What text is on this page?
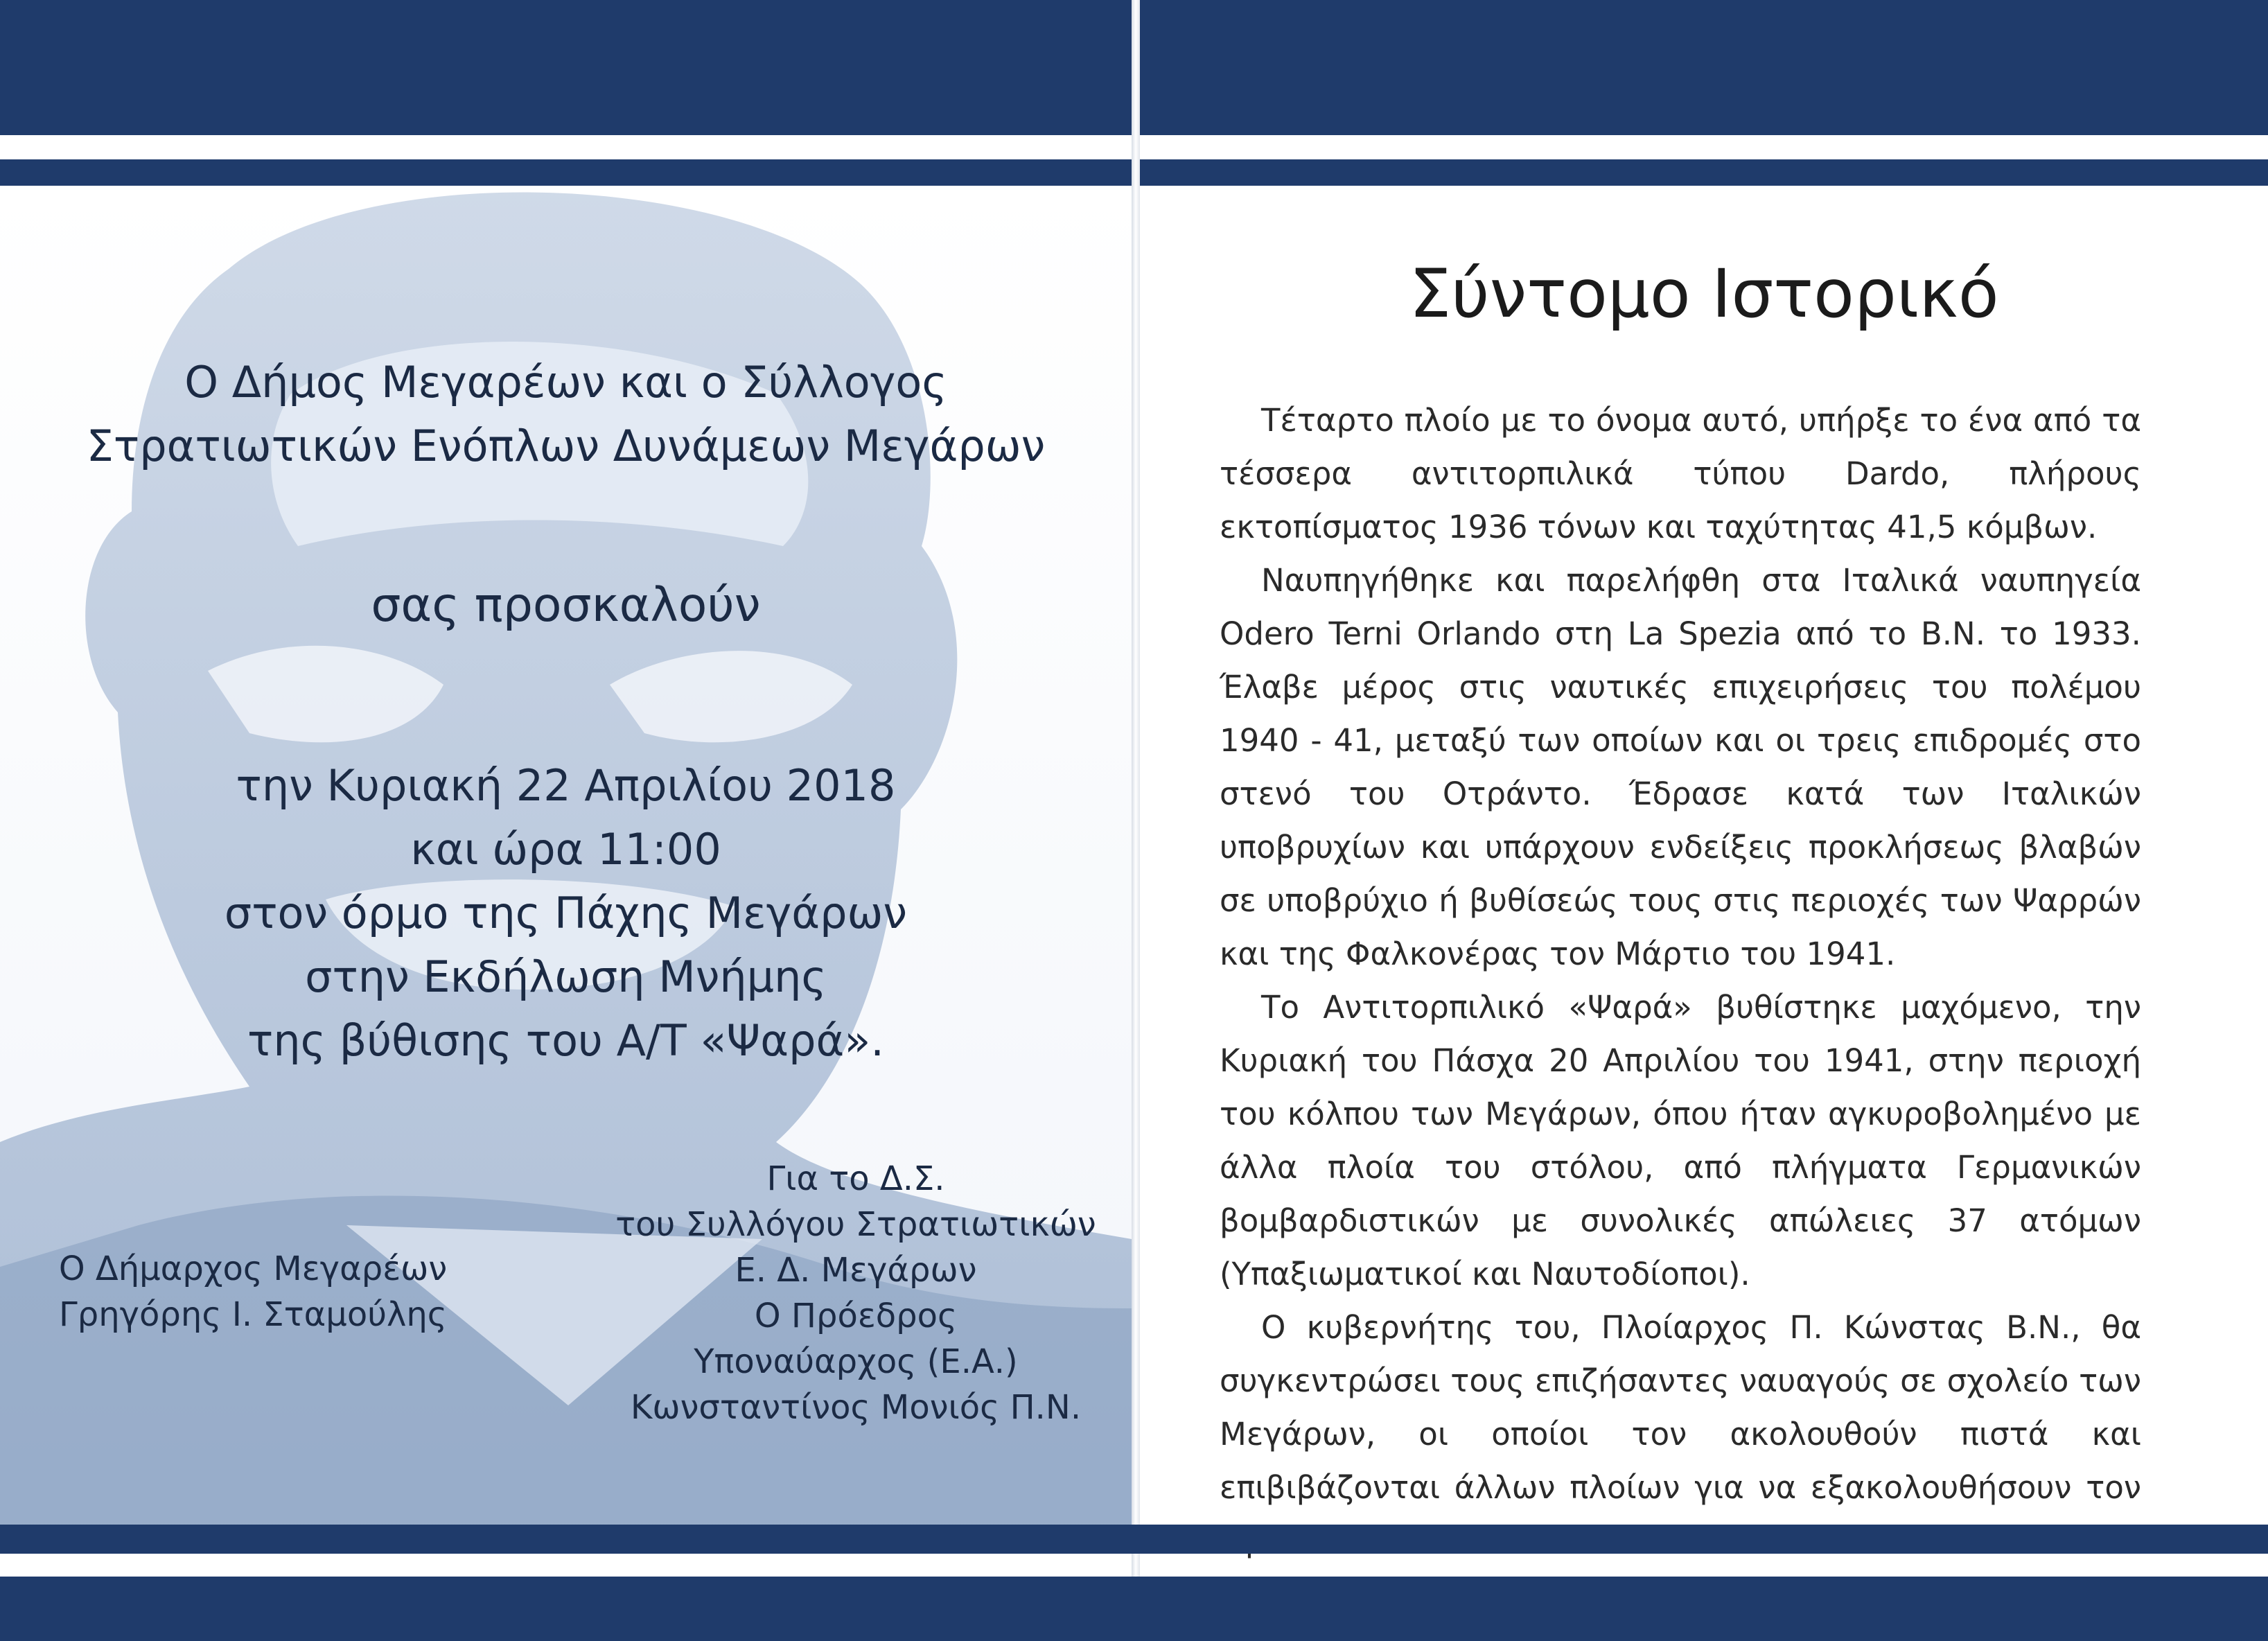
Ο Δήμος Μεγαρέων και ο Σύλλογος
Στρατιωτικών Ενόπλων Δυνάμεων Μεγάρων
σας προσκαλούν
την Κυριακή 22 Απριλίου 2018
και ώρα 11:00
στον όρμο της Πάχης Μεγάρων
στην Εκδήλωση Μνήμης
της βύθισης του Α/Τ «Ψαρά».
Ο Δήμαρχος Μεγαρέων
Γρηγόρης Ι. Σταμούλης
Για το Δ.Σ.
του Συλλόγου Στρατιωτικών
Ε. Δ. Μεγάρων
Ο Πρόεδρος
Υποναύαρχος (Ε.Α.)
Κωνσταντίνος Μονιός Π.Ν.
Σύντομο Ιστορικό

Τέταρτο πλοίο με το όνομα αυτό, υπήρξε το ένα από τα τέσσερα αντιτορπιλικά τύπου Dardo, πλήρους εκτοπίσματος 1936 τόνων και ταχύτητας 41,5 κόμβων.

Ναυπηγήθηκε και παρελήφθη στα Ιταλικά ναυπηγεία Odero Terni Orlando στη La Spezia από το Β.Ν. το 1933. Έλαβε μέρος στις ναυτικές επιχειρήσεις του πολέμου 1940 - 41, μεταξύ των οποίων και οι τρεις επιδρομές στο στενό του Οτράντο. Έδρασε κατά των Ιταλικών υποβρυχίων και υπάρχουν ενδείξεις προκλήσεως βλαβών σε υποβρύχιο ή βυθίσεώς τους στις περιοχές των Ψαρρών και της Φαλκονέρας τον Μάρτιο του 1941.

Το Αντιτορπιλικό «Ψαρά» βυθίστηκε μαχόμενο, την Κυριακή του Πάσχα 20 Απριλίου του 1941, στην περιοχή του κόλπου των Μεγάρων, όπου ήταν αγκυροβολημένο με άλλα πλοία του στόλου, από πλήγματα Γερμανικών βομβαρδιστικών με συνολικές απώλειες 37 ατόμων (Υπαξιωματικοί και Ναυτοδίοποι).

Ο κυβερνήτης του, Πλοίαρχος Π. Κώνστας Β.Ν., θα συγκεντρώσει τους επιζήσαντες ναυαγούς σε σχολείο των Μεγάρων, οι οποίοι τον ακολουθούν πιστά και επιβιβάζονται άλλων πλοίων για να εξακολουθήσουν τον
